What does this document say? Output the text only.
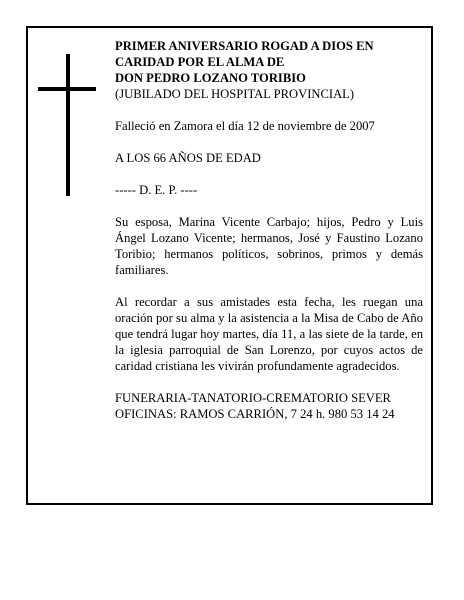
PRIMER ANIVERSARIO ROGAD A DIOS EN

CARIDAD POR EL ALMA DE

DON PEDRO LOZANO TORIBIO

(JUBILADO DEL HOSPITAL PROVINCIAL)

Falleció en Zamora el día 12 de noviembre de 2007

A LOS 66 AÑOS DE EDAD

----- D. E. P. ----

Su esposa, Marina Vicente Carbajo; hijos, Pedro y Luis Ángel Lozano Vicente; hermanos, José y Faustino Lozano Toribio; hermanos políticos, sobrinos, primos y demás familiares.

Al recordar a sus amistades esta fecha, les ruegan una oración por su alma y la asistencia a la Misa de Cabo de Año que tendrá lugar hoy martes, día 11, a las siete de la tarde, en la iglesia parroquial de San Lorenzo, por cuyos actos de caridad cristiana les vivirán profundamente agradecidos.

FUNERARIA-TANATORIO-CREMATORIO SEVER

OFICINAS: RAMOS CARRIÓN, 7 24 h. 980 53 14 24
